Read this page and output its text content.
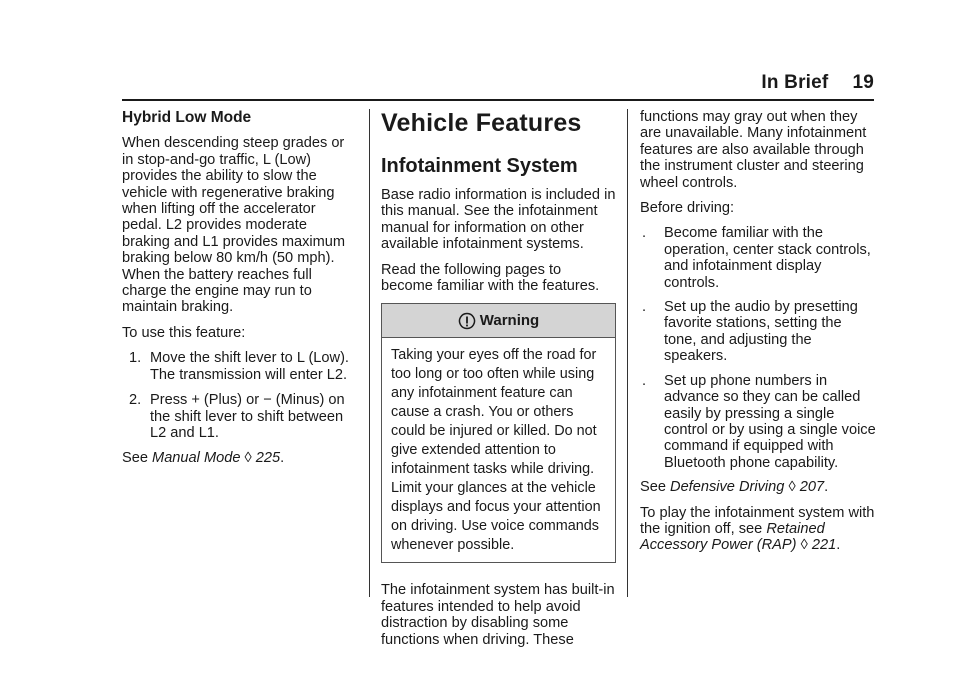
In Brief 19
Hybrid Low Mode

When descending steep grades or in stop-and-go traffic, L (Low) provides the ability to slow the vehicle with regenerative braking when lifting off the accelerator pedal. L2 provides moderate braking and L1 provides maximum braking below 80 km/h (50 mph). When the battery reaches full charge the engine may run to maintain braking.

To use this feature:

1. Move the shift lever to L (Low). The transmission will enter L2.
2. Press + (Plus) or − (Minus) on the shift lever to shift between L2 and L1.

See Manual Mode ◊ 225.

Vehicle Features
Infotainment System

Base radio information is included in this manual. See the infotainment manual for information on other available infotainment systems.

Read the following pages to become familiar with the features.

Warning
Taking your eyes off the road for too long or too often while using any infotainment feature can cause a crash. You or others could be injured or killed. Do not give extended attention to infotainment tasks while driving. Limit your glances at the vehicle displays and focus your attention on driving. Use voice commands whenever possible.

The infotainment system has built-in features intended to help avoid distraction by disabling some functions when driving. These

functions may gray out when they are unavailable. Many infotainment features are also available through the instrument cluster and steering wheel controls.

Before driving:

. Become familiar with the operation, center stack controls, and infotainment display controls.
. Set up the audio by presetting favorite stations, setting the tone, and adjusting the speakers.
. Set up phone numbers in advance so they can be called easily by pressing a single control or by using a single voice command if equipped with Bluetooth phone capability.

See Defensive Driving ◊ 207.

To play the infotainment system with the ignition off, see Retained Accessory Power (RAP) ◊ 221.
